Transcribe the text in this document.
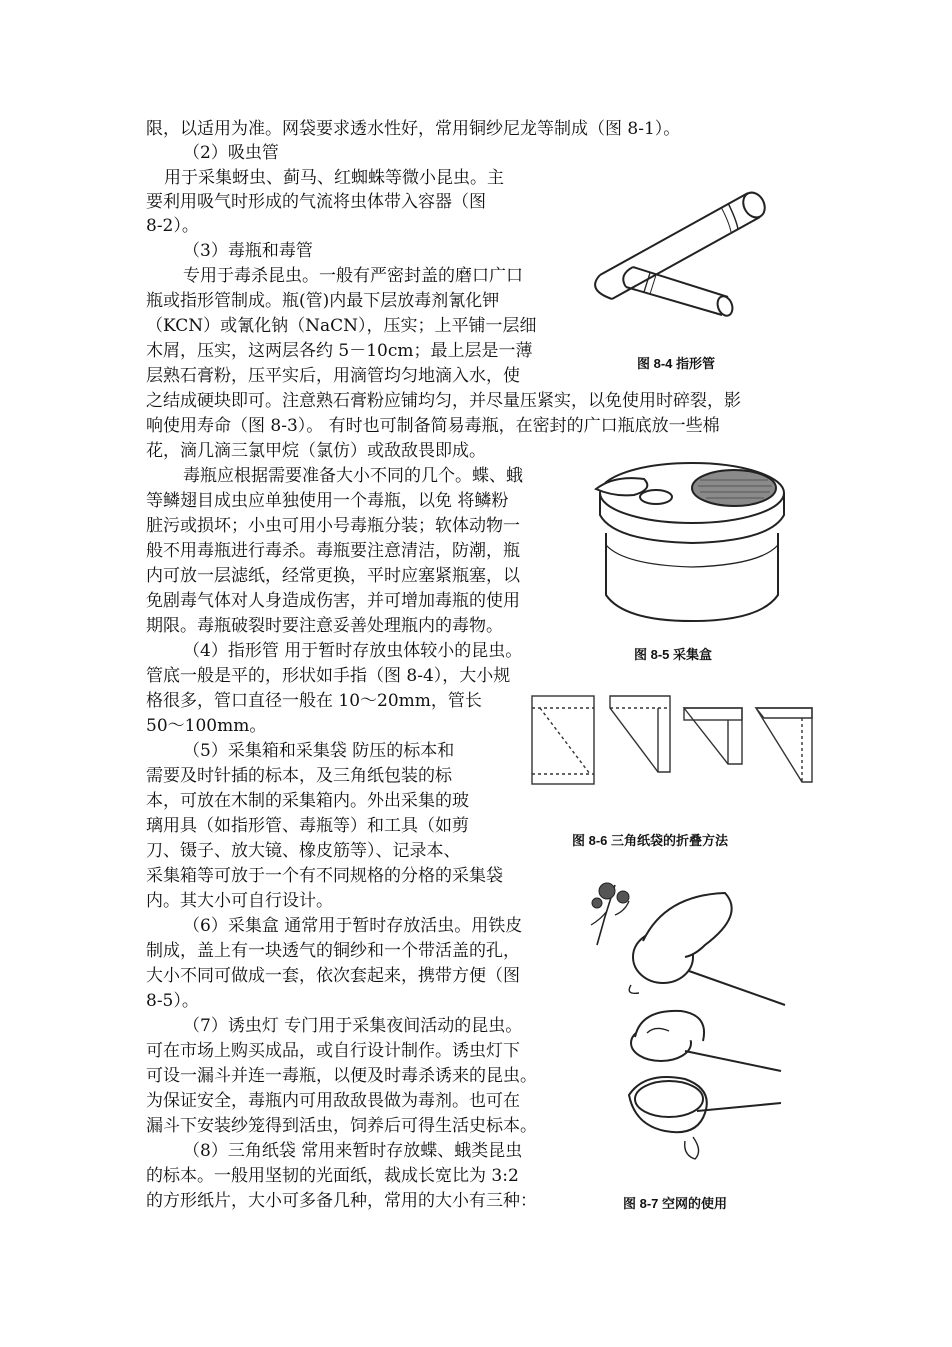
限，以适用为准。网袋要求透水性好，常用铜纱尼龙等制成（图 8-1）。
（2）吸虫管
用于采集蚜虫、蓟马、红蜘蛛等微小昆虫。主
要利用吸气时形成的气流将虫体带入容器（图
8-2）。
（3）毒瓶和毒管
专用于毒杀昆虫。一般有严密封盖的磨口广口
瓶或指形管制成。瓶(管)内最下层放毒剂氰化钾
（KCN）或氰化钠（NaCN），压实；上平铺一层细
木屑，压实，这两层各约 5－10cm；最上层是一薄
层熟石膏粉，压平实后，用滴管均匀地滴入水，使
之结成硬块即可。注意熟石膏粉应铺均匀，并尽量压紧实，以免使用时碎裂，影
响使用寿命（图 8-3）。 有时也可制备简易毒瓶，在密封的广口瓶底放一些棉
花，滴几滴三氯甲烷（氯仿）或敌敌畏即成。
毒瓶应根据需要准备大小不同的几个。蝶、蛾
等鳞翅目成虫应单独使用一个毒瓶，以免 将鳞粉
脏污或损坏；小虫可用小号毒瓶分装；软体动物一
般不用毒瓶进行毒杀。毒瓶要注意清洁，防潮，瓶
内可放一层滤纸，经常更换，平时应塞紧瓶塞，以
免剧毒气体对人身造成伤害，并可增加毒瓶的使用
期限。毒瓶破裂时要注意妥善处理瓶内的毒物。
（4）指形管 用于暂时存放虫体较小的昆虫。
管底一般是平的，形状如手指（图 8-4），大小规
格很多，管口直径一般在 10～20mm，管长
50～100mm。
（5）采集箱和采集袋 防压的标本和
需要及时针插的标本，及三角纸包装的标
本，可放在木制的采集箱内。外出采集的玻
璃用具（如指形管、毒瓶等）和工具（如剪
刀、镊子、放大镜、橡皮筋等）、记录本、
采集箱等可放于一个有不同规格的分格的采集袋
内。其大小可自行设计。
（6）采集盒 通常用于暂时存放活虫。用铁皮
制成，盖上有一块透气的铜纱和一个带活盖的孔，
大小不同可做成一套，依次套起来，携带方便（图
8-5）。
（7）诱虫灯 专门用于采集夜间活动的昆虫。
可在市场上购买成品，或自行设计制作。诱虫灯下
可设一漏斗并连一毒瓶，以便及时毒杀诱来的昆虫。
为保证安全，毒瓶内可用敌敌畏做为毒剂。也可在
漏斗下安装纱笼得到活虫，饲养后可得生活史标本。
（8）三角纸袋 常用来暂时存放蝶、蛾类昆虫
的标本。一般用坚韧的光面纸，裁成长宽比为 3:2
的方形纸片，大小可多备几种，常用的大小有三种：
图 8-4 指形管
图 8-5 采集盒
图 8-6 三角纸袋的折叠方法
图 8-7 空网的使用
